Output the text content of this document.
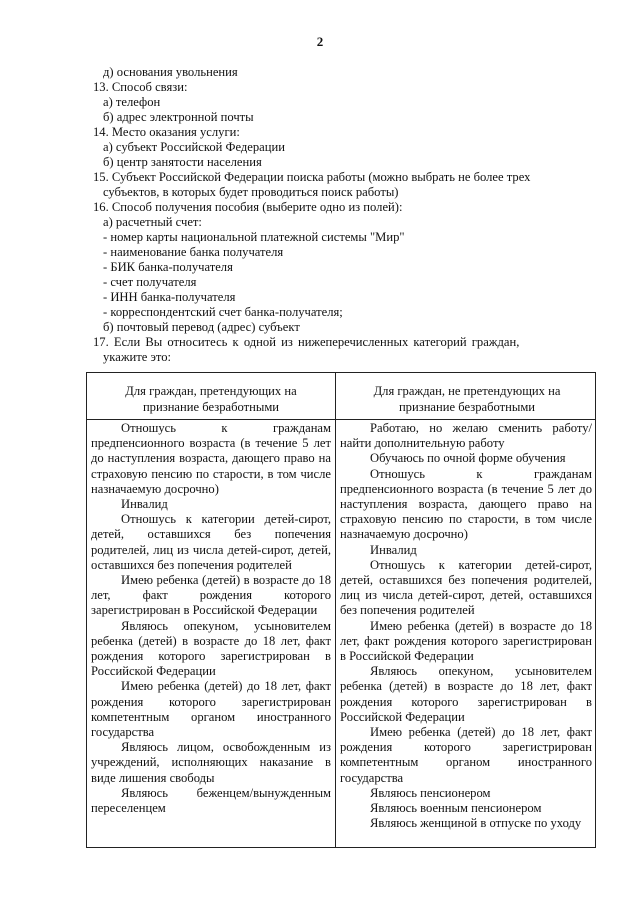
2
д) основания увольнения
13. Способ связи:
а) телефон
б) адрес электронной почты
14. Место оказания услуги:
а) субъект Российской Федерации
б) центр занятости населения
15. Субъект Российской Федерации поиска работы (можно выбрать не более трех
субъектов, в которых будет проводиться поиск работы)
16. Способ получения пособия (выберите одно из полей):
а) расчетный счет:
- номер карты национальной платежной системы "Мир"
- наименование банка получателя
- БИК банка-получателя
- счет получателя
- ИНН банка-получателя
- корреспондентский счет банка-получателя;
б) почтовый перевод (адрес) субъект
17. Если Вы относитесь к одной из нижеперечисленных категорий граждан,
укажите это:
Для граждан, претендующих на признание безработными
Для граждан, не претендующих на признание безработными

Отношусь к гражданам предпенсионного возраста (в течение 5 лет до наступления возраста, дающего право на страховую пенсию по старости, в том числе назначаемую досрочно)

Инвалид

Отношусь к категории детей-сирот, детей, оставшихся без попечения родителей, лиц из числа детей-сирот, детей, оставшихся без попечения родителей

Имею ребенка (детей) в возрасте до 18 лет, факт рождения которого зарегистрирован в Российской Федерации

Являюсь опекуном, усыновителем ребенка (детей) в возрасте до 18 лет, факт рождения которого зарегистрирован в Российской Федерации

Имею ребенка (детей) до 18 лет, факт рождения которого зарегистрирован компетентным органом иностранного государства

Являюсь лицом, освобожденным из учреждений, исполняющих наказание в виде лишения свободы

Являюсь беженцем/вынужденным переселенцем

Работаю, но желаю сменить работу/найти дополнительную работу

Обучаюсь по очной форме обучения

Отношусь к гражданам предпенсионного возраста (в течение 5 лет до наступления возраста, дающего право на страховую пенсию по старости, в том числе назначаемую досрочно)

Инвалид

Отношусь к категории детей-сирот, детей, оставшихся без попечения родителей, лиц из числа детей-сирот, детей, оставшихся без попечения родителей

Имею ребенка (детей) в возрасте до 18 лет, факт рождения которого зарегистрирован в Российской Федерации

Являюсь опекуном, усыновителем ребенка (детей) в возрасте до 18 лет, факт рождения которого зарегистрирован в Российской Федерации

Имею ребенка (детей) до 18 лет, факт рождения которого зарегистрирован компетентным органом иностранного государства

Являюсь пенсионером

Являюсь военным пенсионером

Являюсь женщиной в отпуске по уходу
